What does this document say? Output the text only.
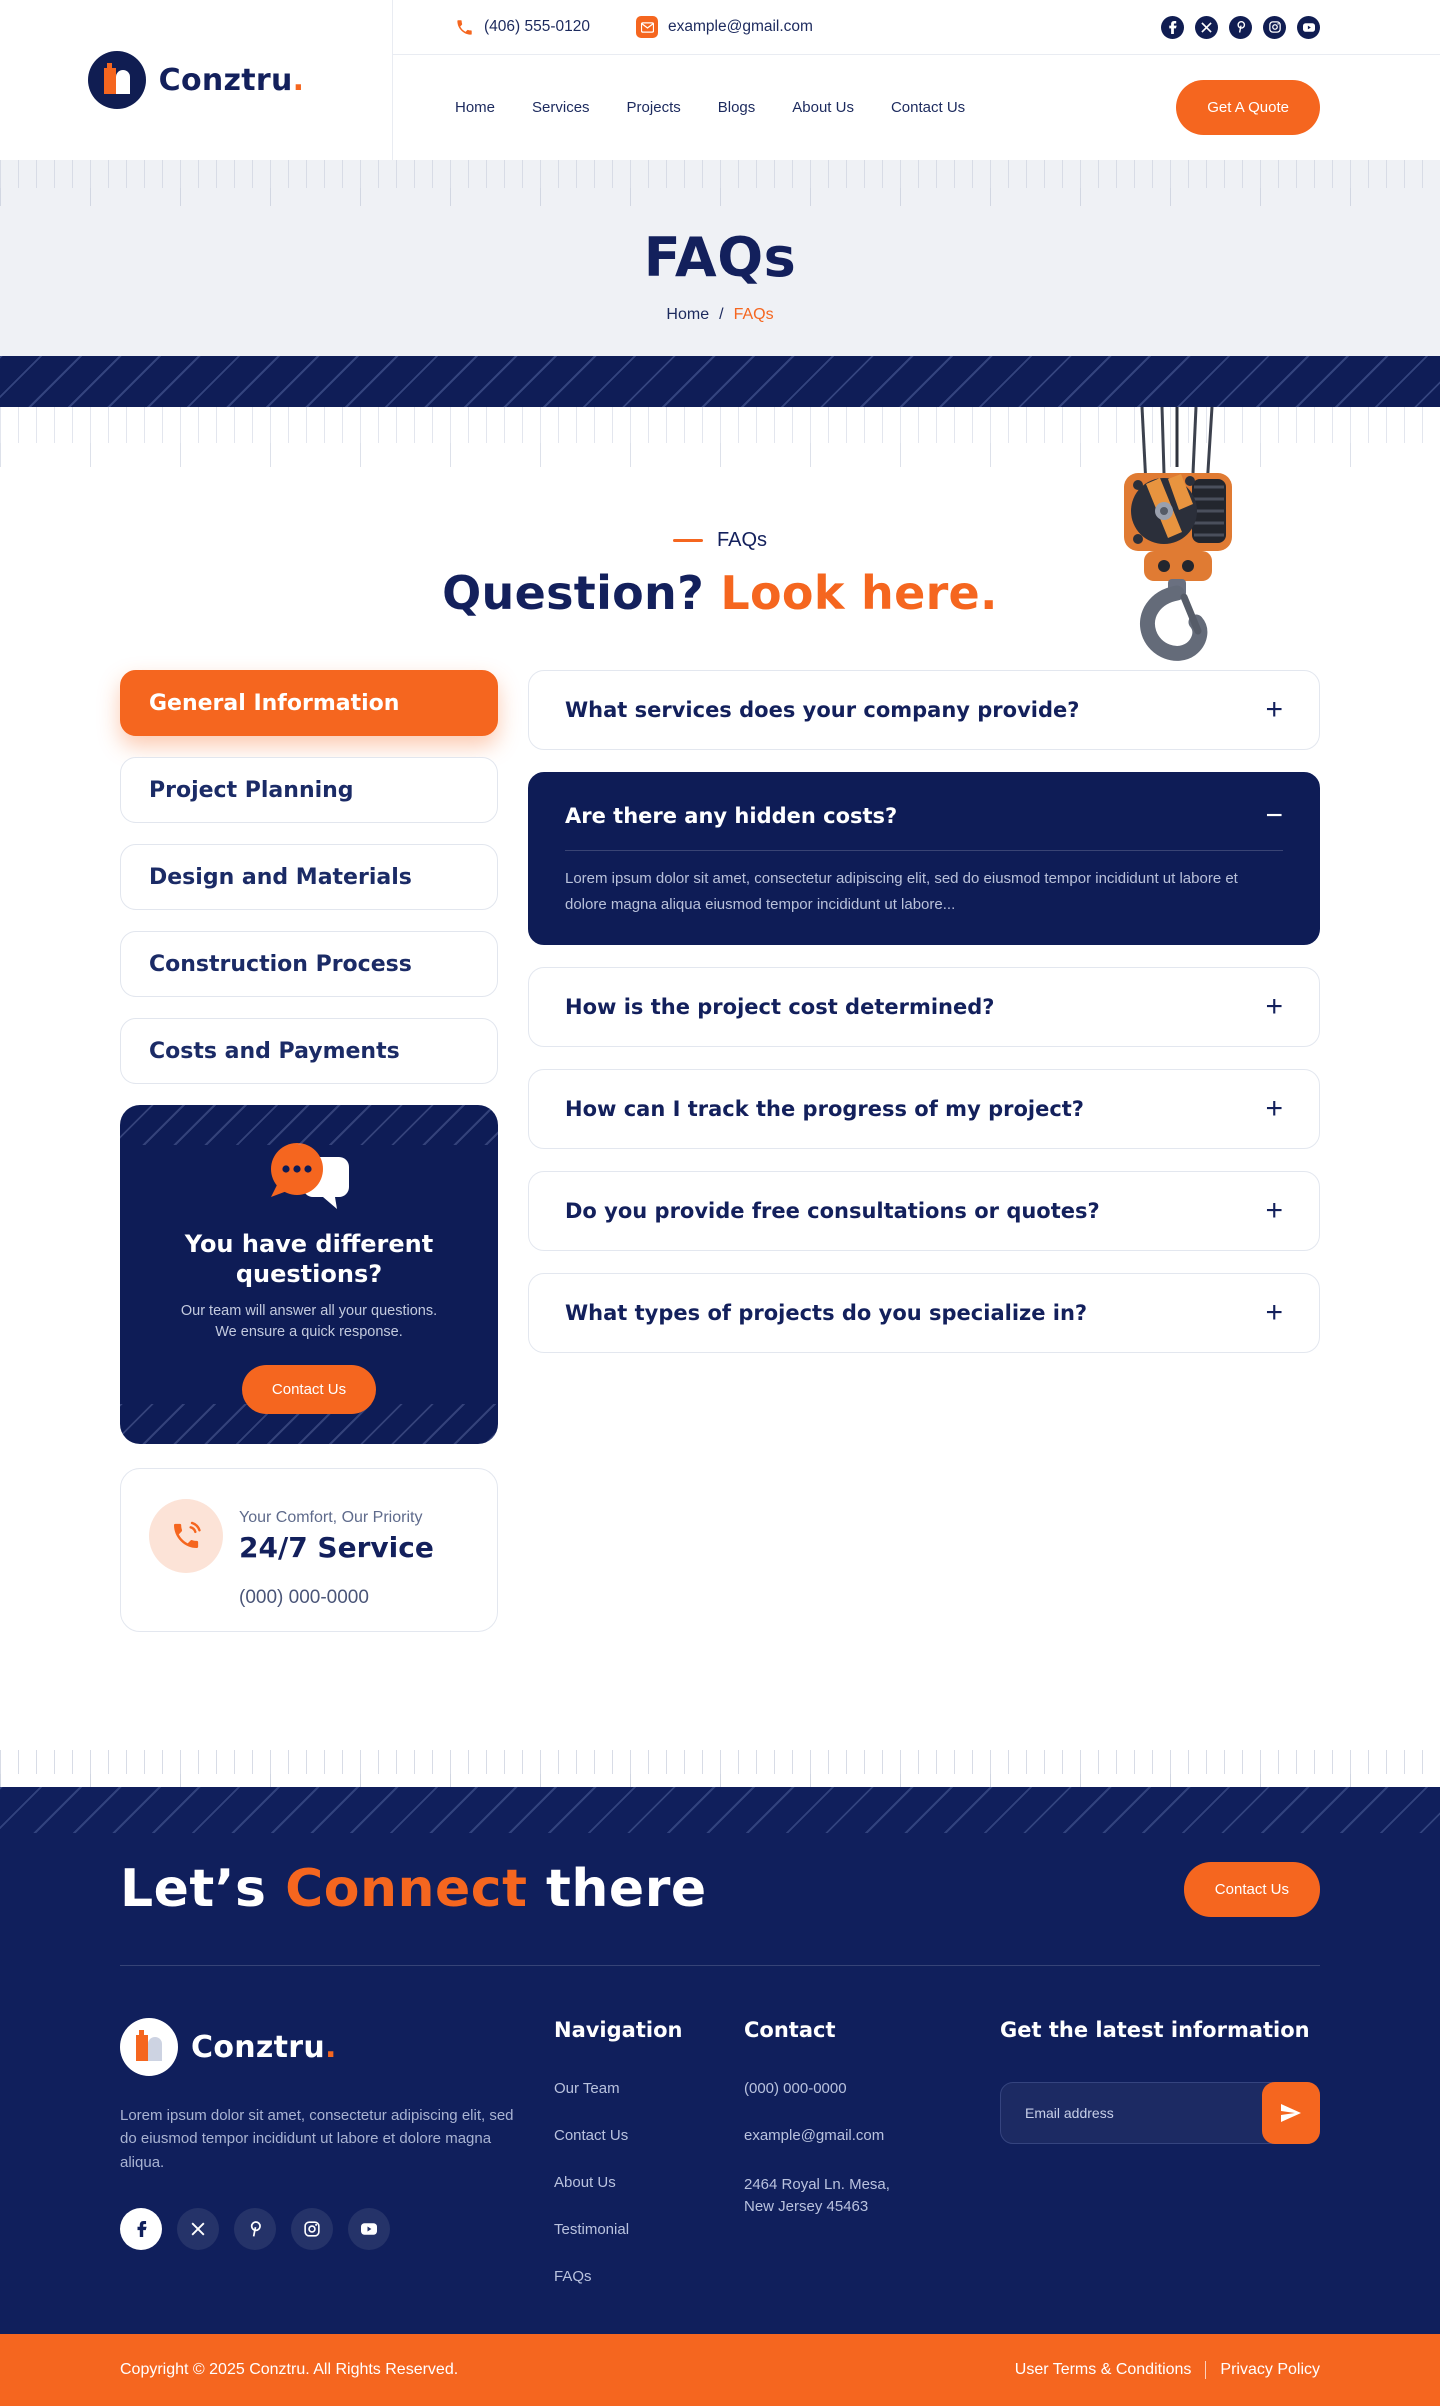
Conztru.
(406) 555-0120	example@gmail.com
Home Services Projects Blogs About Us Contact Us	Get A Quote
FAQs
Home / FAQs
FAQs
Question? Look here.
General Information
Project Planning
Design and Materials
Construction Process
Costs and Payments
You have different
questions?
Our team will answer all your questions.
We ensure a quick response.
Contact Us
Your Comfort, Our Priority
24/7 Service
(000) 000-0000
What services does your company provide?	+
Are there any hidden costs?	−
Lorem ipsum dolor sit amet, consectetur adipiscing elit, sed do eiusmod tempor incididunt ut labore et dolore magna aliqua eiusmod tempor incididunt ut labore...
How is the project cost determined?	+
How can I track the progress of my project?	+
Do you provide free consultations or quotes?	+
What types of projects do you specialize in?	+
Let’s Connect there	Contact Us
Conztru.
Lorem ipsum dolor sit amet, consectetur adipiscing elit, sed do eiusmod tempor incididunt ut labore et dolore magna aliqua.
Navigation
Our Team
Contact Us
About Us
Testimonial
FAQs
Contact
(000) 000-0000
example@gmail.com
2464 Royal Ln. Mesa,
New Jersey 45463
Get the latest information
Email address
Copyright © 2025 Conztru. All Rights Reserved.	User Terms & Conditions Privacy Policy
